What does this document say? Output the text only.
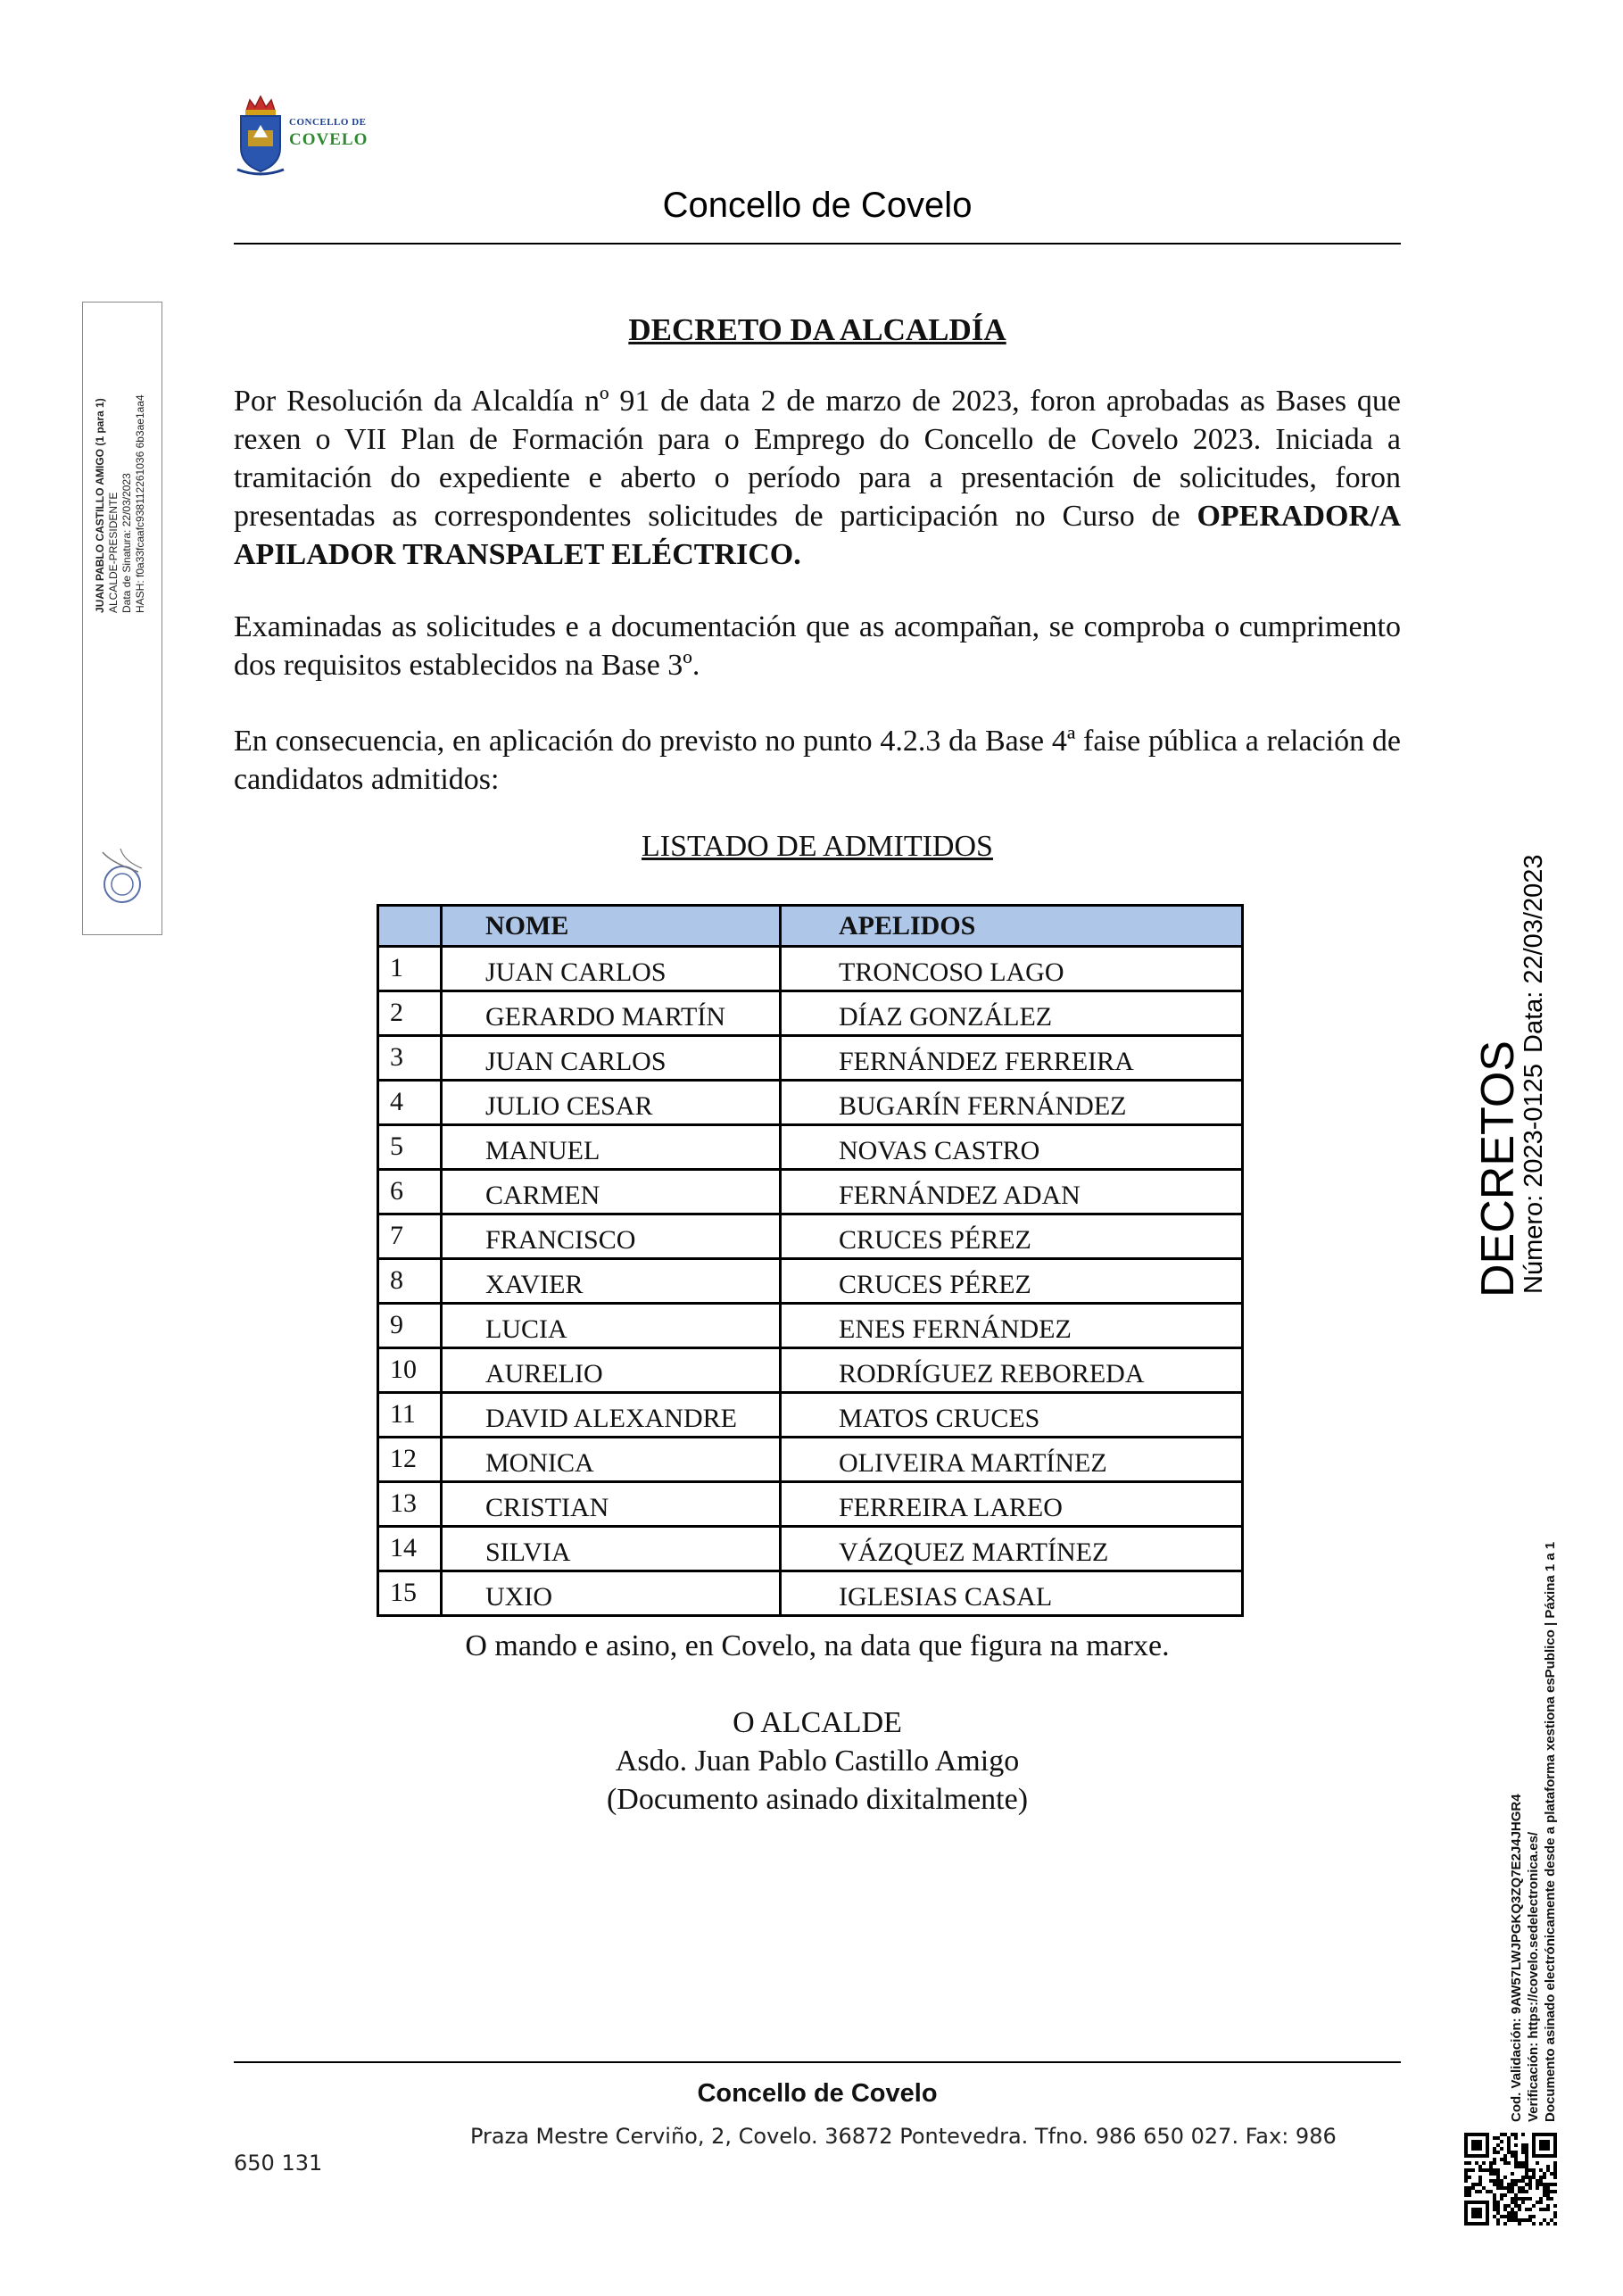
CONCELLO DE
COVELO
Concello de Covelo
JUAN PABLO CASTILLO AMIGO (1 para 1) ALCALDE-PRESIDENTE Data de Sinatura: 22/03/2023 HASH: f0a33fcaafc938112261036 6b3ae1aa4
DECRETO DA ALCALDÍA
Por Resolución da Alcaldía nº 91 de data 2 de marzo de 2023, foron aprobadas as Bases que rexen o VII Plan de Formación para o Emprego do Concello de Covelo 2023. Iniciada a tramitación do expediente e aberto o período para a presentación de solicitudes, foron presentadas as correspondentes solicitudes de participación no Curso de OPERADOR/A APILADOR TRANSPALET ELÉCTRICO.
Examinadas as solicitudes e a documentación que as acompañan, se comproba o cumprimento dos requisitos establecidos na Base 3º.
En consecuencia, en aplicación do previsto no punto 4.2.3 da Base 4ª faise pública a relación de candidatos admitidos:
LISTADO DE ADMITIDOS
	NOME	APELIDOS
1	JUAN CARLOS	TRONCOSO LAGO
2	GERARDO MARTÍN	DÍAZ GONZÁLEZ
3	JUAN CARLOS	FERNÁNDEZ FERREIRA
4	JULIO CESAR	BUGARÍN FERNÁNDEZ
5	MANUEL	NOVAS CASTRO
6	CARMEN	FERNÁNDEZ ADAN
7	FRANCISCO	CRUCES PÉREZ
8	XAVIER	CRUCES PÉREZ
9	LUCIA	ENES FERNÁNDEZ
10	AURELIO	RODRÍGUEZ REBOREDA
11	DAVID ALEXANDRE	MATOS CRUCES
12	MONICA	OLIVEIRA MARTÍNEZ
13	CRISTIAN	FERREIRA LAREO
14	SILVIA	VÁZQUEZ MARTÍNEZ
15	UXIO	IGLESIAS CASAL
O mando e asino, en Covelo, na data que figura na marxe.
O ALCALDE
Asdo. Juan Pablo Castillo Amigo
(Documento asinado dixitalmente)
Concello de Covelo
Praza Mestre Cerviño, 2, Covelo. 36872 Pontevedra. Tfno. 986 650 027. Fax: 986
650 131
DECRETOS
Número: 2023-0125
Data: 22/03/2023
Cod. Validación: 9AW57LWJPGKQ3ZQ7E2J4JHGR4 Verificación: https://covelo.sedelectronica.es/ Documento asinado electrónicamente desde a plataforma xestiona esPublico | Páxina 1 a 1
